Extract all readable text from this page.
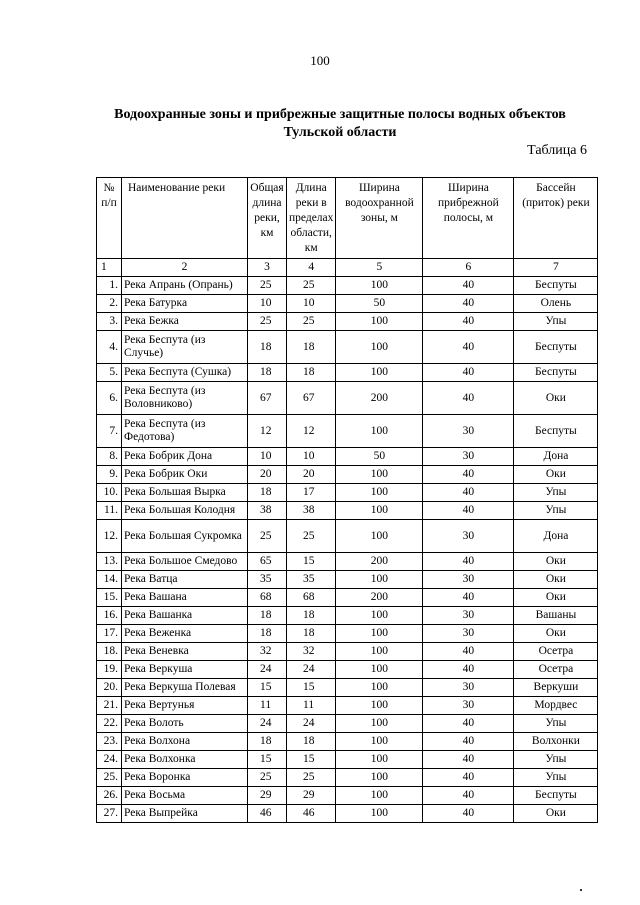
100
Водоохранные зоны и прибрежные защитные полосы водных объектов
Тульской области
Таблица 6
№ п/п	Наименование реки	Общая длина реки, км	Длина реки в пределах области, км	Ширина водоохранной зоны, м	Ширина прибрежной полосы, м	Бассейн (приток) реки
1	2	3	4	5	6	7
1.	Река Апрань (Опрань)	25	25	100	40	Беспуты
2.	Река Батурка	10	10	50	40	Олень
3.	Река Бежка	25	25	100	40	Упы
4.	Река Беспута (из Случье)	18	18	100	40	Беспуты
5.	Река Беспута (Сушка)	18	18	100	40	Беспуты
6.	Река Беспута (из Воловниково)	67	67	200	40	Оки
7.	Река Беспута (из Федотова)	12	12	100	30	Беспуты
8.	Река Бобрик Дона	10	10	50	30	Дона
9.	Река Бобрик Оки	20	20	100	40	Оки
10.	Река Большая Вырка	18	17	100	40	Упы
11.	Река Большая Колодня	38	38	100	40	Упы
12.	Река Большая Сукромка	25	25	100	30	Дона
13.	Река Большое Смедово	65	15	200	40	Оки
14.	Река Ватца	35	35	100	30	Оки
15.	Река Вашана	68	68	200	40	Оки
16.	Река Вашанка	18	18	100	30	Вашаны
17.	Река Веженка	18	18	100	30	Оки
18.	Река Веневка	32	32	100	40	Осетра
19.	Река Веркуша	24	24	100	40	Осетра
20.	Река Веркуша Полевая	15	15	100	30	Веркуши
21.	Река Вертунья	11	11	100	30	Мордвес
22.	Река Волоть	24	24	100	40	Упы
23.	Река Волхона	18	18	100	40	Волхонки
24.	Река Волхонка	15	15	100	40	Упы
25.	Река Воронка	25	25	100	40	Упы
26.	Река Восьма	29	29	100	40	Беспуты
27.	Река Выпрейка	46	46	100	40	Оки
